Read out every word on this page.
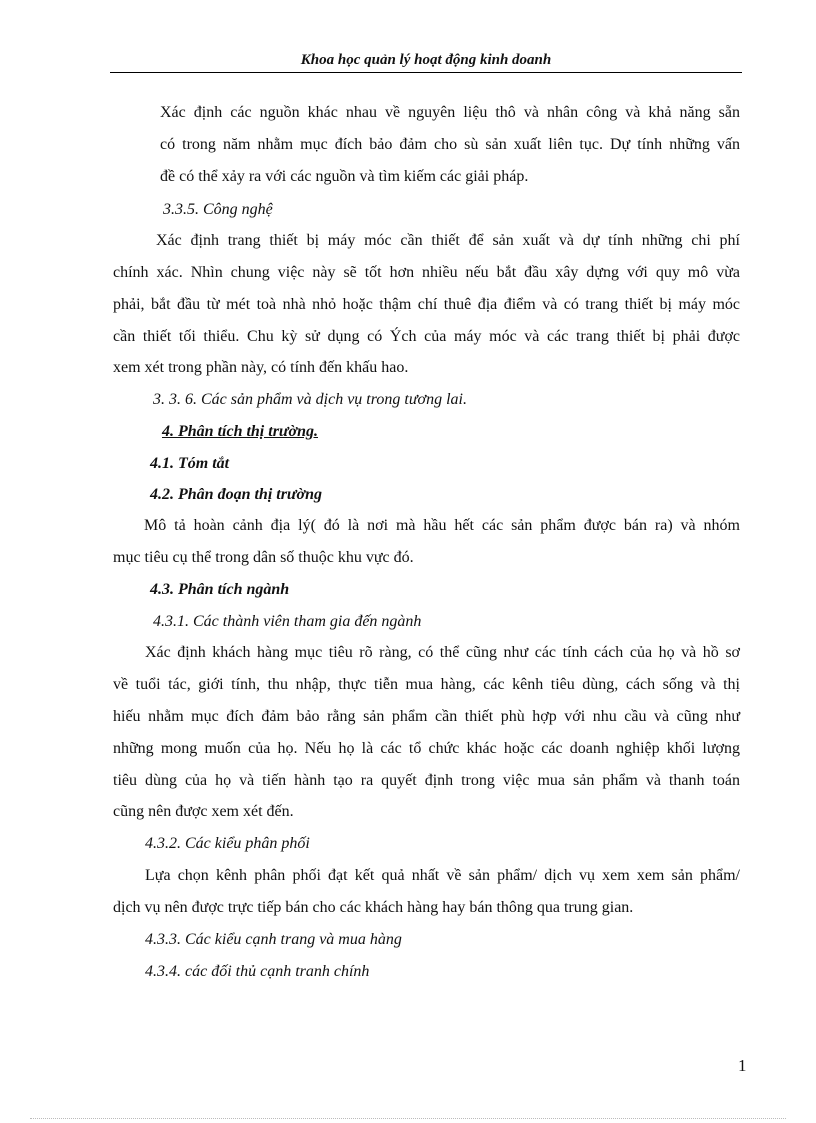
Khoa học quản lý hoạt động kinh doanh
Xác định các nguồn khác nhau về nguyên liệu thô và nhân công và khả năng sẵn
có trong năm nhằm mục đích bảo đảm cho sù sản xuất liên tục. Dự tính những vấn
đề có thể xảy ra với các nguồn và tìm kiếm các giải pháp.
3.3.5. Công nghệ
Xác định trang thiết bị máy móc cần thiết để sản xuất và dự tính những chi phí
chính xác. Nhìn chung việc này sẽ tốt hơn nhiều nếu bắt đầu xây dựng với quy mô vừa
phải, bắt đầu từ mét toà nhà nhỏ hoặc thậm chí thuê địa điểm và có trang thiết bị máy móc
cần thiết tối thiểu. Chu kỳ sử dụng có Ých của máy móc và các trang thiết bị phải được
xem xét trong phần này, có tính đến khấu hao.
3. 3. 6. Các sản phẩm và dịch vụ trong tương lai.
4. Phân tích thị trường.
4.1. Tóm tắt
4.2. Phân đoạn thị trường
Mô tả hoàn cảnh địa lý( đó là nơi mà hầu hết các sản phẩm được bán ra) và nhóm
mục tiêu cụ thể trong dân số thuộc khu vực đó.
4.3. Phân tích ngành
4.3.1. Các thành viên tham gia đến ngành
Xác định khách hàng mục tiêu rõ ràng, có thể cũng như các tính cách của họ và hồ sơ
về tuổi tác, giới tính, thu nhập, thực tiễn mua hàng, các kênh tiêu dùng, cách sống và thị
hiếu nhằm mục đích đảm bảo rằng sản phẩm cần thiết phù hợp với nhu cầu và cũng như
những mong muốn của họ. Nếu họ là các tổ chức khác hoặc các doanh nghiệp khối lượng
tiêu dùng của họ và tiến hành tạo ra quyết định trong việc mua sản phẩm và thanh toán
cũng nên được xem xét đến.
4.3.2. Các kiểu phân phối
Lựa chọn kênh phân phối đạt kết quả nhất về sản phẩm/ dịch vụ xem xem sản phẩm/
dịch vụ nên được trực tiếp bán cho các khách hàng hay bán thông qua trung gian.
4.3.3. Các kiểu cạnh trang và mua hàng
4.3.4. các đối thủ cạnh tranh chính
1
